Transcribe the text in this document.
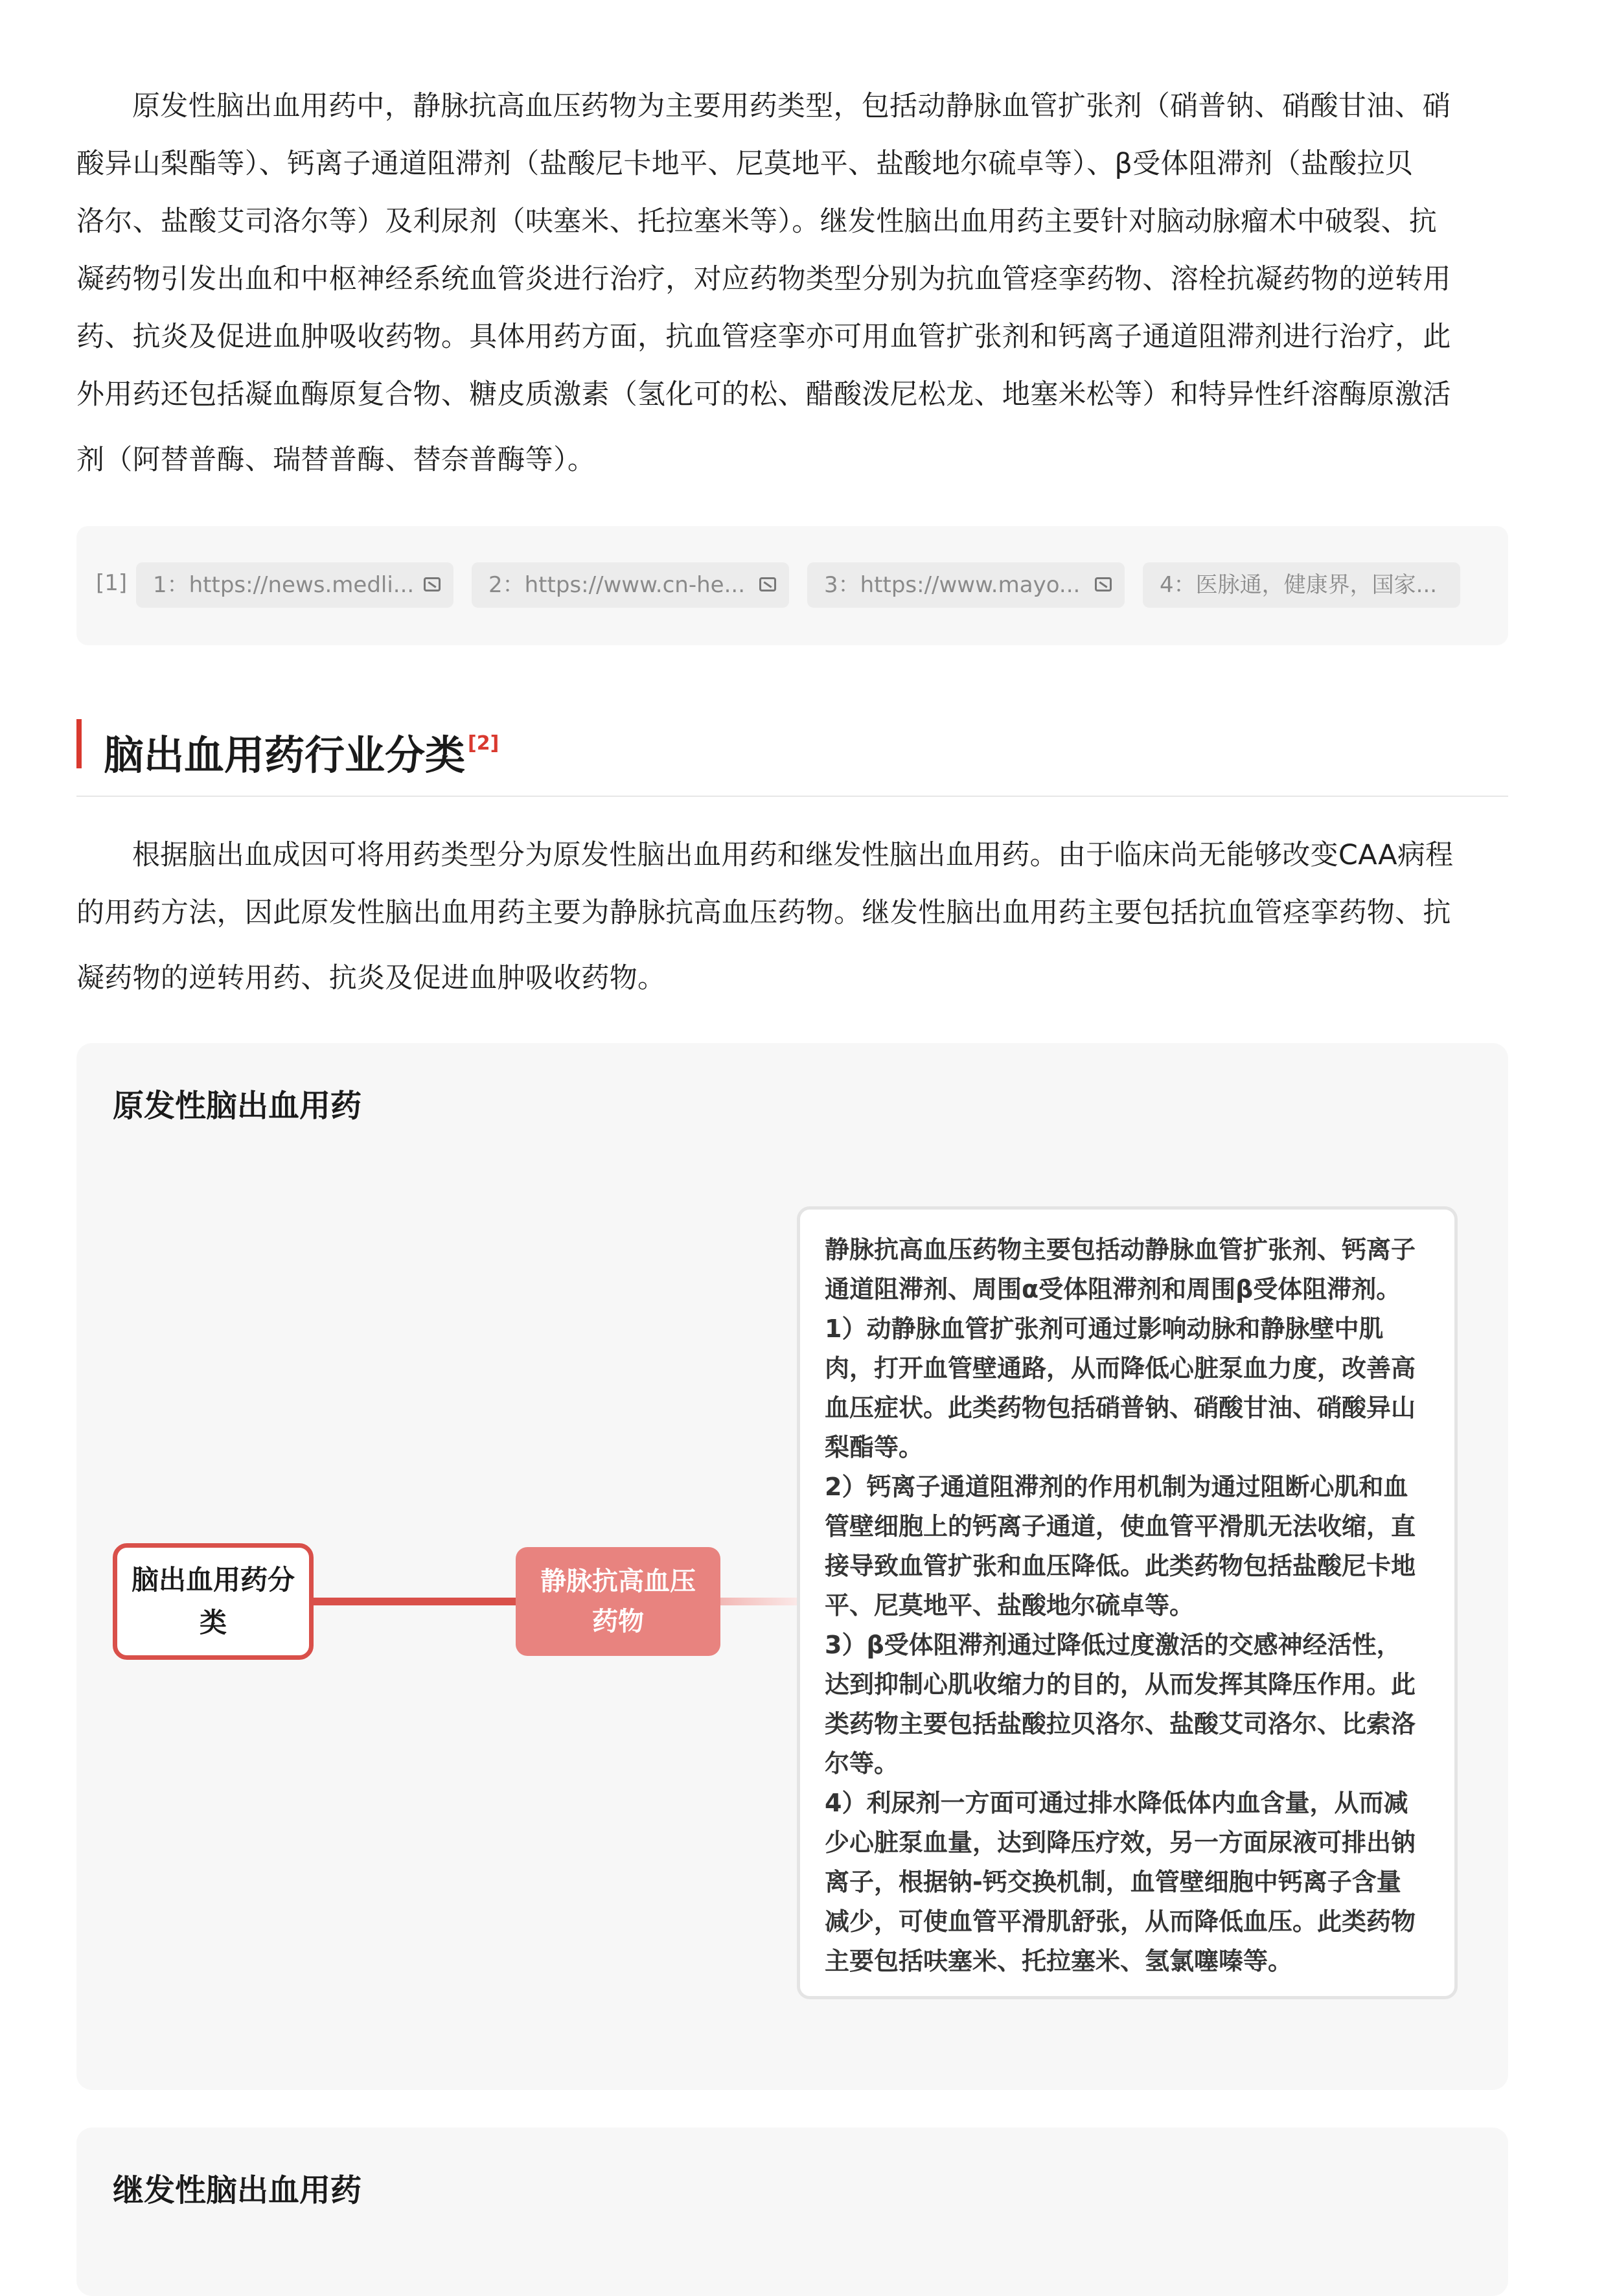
原发性脑出血用药中，静脉抗高血压药物为主要用药类型，包括动静脉血管扩张剂（硝普钠、硝酸甘油、硝
酸异山梨酯等）、钙离子通道阻滞剂（盐酸尼卡地平、尼莫地平、盐酸地尔硫卓等）、β受体阻滞剂（盐酸拉贝
洛尔、盐酸艾司洛尔等）及利尿剂（呋塞米、托拉塞米等）。继发性脑出血用药主要针对脑动脉瘤术中破裂、抗
凝药物引发出血和中枢神经系统血管炎进行治疗，对应药物类型分别为抗血管痉挛药物、溶栓抗凝药物的逆转用
药、抗炎及促进血肿吸收药物。具体用药方面，抗血管痉挛亦可用血管扩张剂和钙离子通道阻滞剂进行治疗，此
外用药还包括凝血酶原复合物、糖皮质激素（氢化可的松、醋酸泼尼松龙、地塞米松等）和特异性纤溶酶原激活
剂（阿替普酶、瑞替普酶、替奈普酶等）。
[1]	1：https://news.medli...	2：https://www.cn-he...	3：https://www.mayo...	4：医脉通，健康界，国家...
脑出血用药行业分类 [2]
根据脑出血成因可将用药类型分为原发性脑出血用药和继发性脑出血用药。由于临床尚无能够改变CAA病程
的用药方法，因此原发性脑出血用药主要为静脉抗高血压药物。继发性脑出血用药主要包括抗血管痉挛药物、抗
凝药物的逆转用药、抗炎及促进血肿吸收药物。
原发性脑出血用药
脑出血用药分类
静脉抗高血压药物

静脉抗高血压药物主要包括动静脉血管扩张剂、钙离子

通道阻滞剂、周围α受体阻滞剂和周围β受体阻滞剂。

1）动静脉血管扩张剂可通过影响动脉和静脉壁中肌

肉，打开血管壁通路，从而降低心脏泵血力度，改善高

血压症状。此类药物包括硝普钠、硝酸甘油、硝酸异山

梨酯等。

2）钙离子通道阻滞剂的作用机制为通过阻断心肌和血

管壁细胞上的钙离子通道，使血管平滑肌无法收缩，直

接导致血管扩张和血压降低。此类药物包括盐酸尼卡地

平、尼莫地平、盐酸地尔硫卓等。

3）β受体阻滞剂通过降低过度激活的交感神经活性，

达到抑制心肌收缩力的目的，从而发挥其降压作用。此

类药物主要包括盐酸拉贝洛尔、盐酸艾司洛尔、比索洛

尔等。

4）利尿剂一方面可通过排水降低体内血含量，从而减

少心脏泵血量，达到降压疗效，另一方面尿液可排出钠

离子，根据钠-钙交换机制，血管壁细胞中钙离子含量

减少，可使血管平滑肌舒张，从而降低血压。此类药物

主要包括呋塞米、托拉塞米、氢氯噻嗪等。

继发性脑出血用药
